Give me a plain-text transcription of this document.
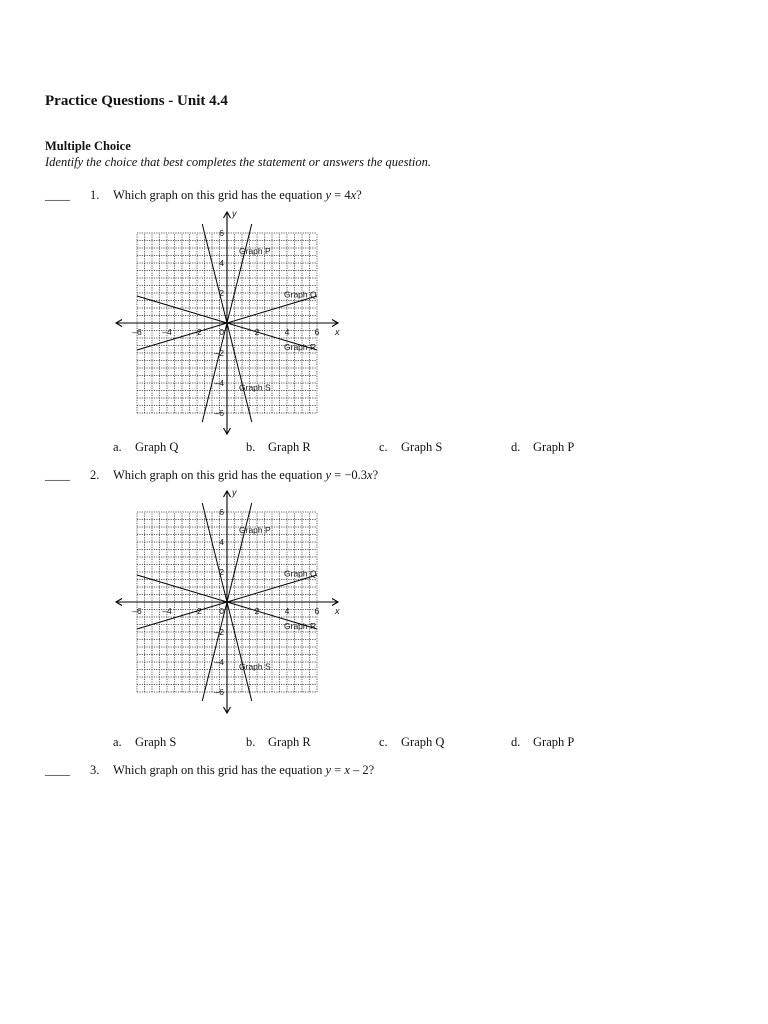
Practice Questions - Unit 4.4
Multiple Choice

Identify the choice that best completes the statement or answers the question.

____ 1. Which graph on this grid has the equation y = 4x?
–6 –4 –2	2	4	6
6
4
2
–2
–4
–6
0	x
y
Graph P
Graph Q
Graph R
Graph S
a. Graph Q	b. Graph R	c. Graph S	d. Graph P
____ 2. Which graph on this grid has the equation y = −0.3x?
–6 –4 –2	2	4	6
6
4
2
–2
–4
–6
0	x
y
Graph P
Graph Q
Graph R
Graph S
a. Graph S	b. Graph R	c. Graph Q	d. Graph P
____ 3. Which graph on this grid has the equation y = x – 2?
